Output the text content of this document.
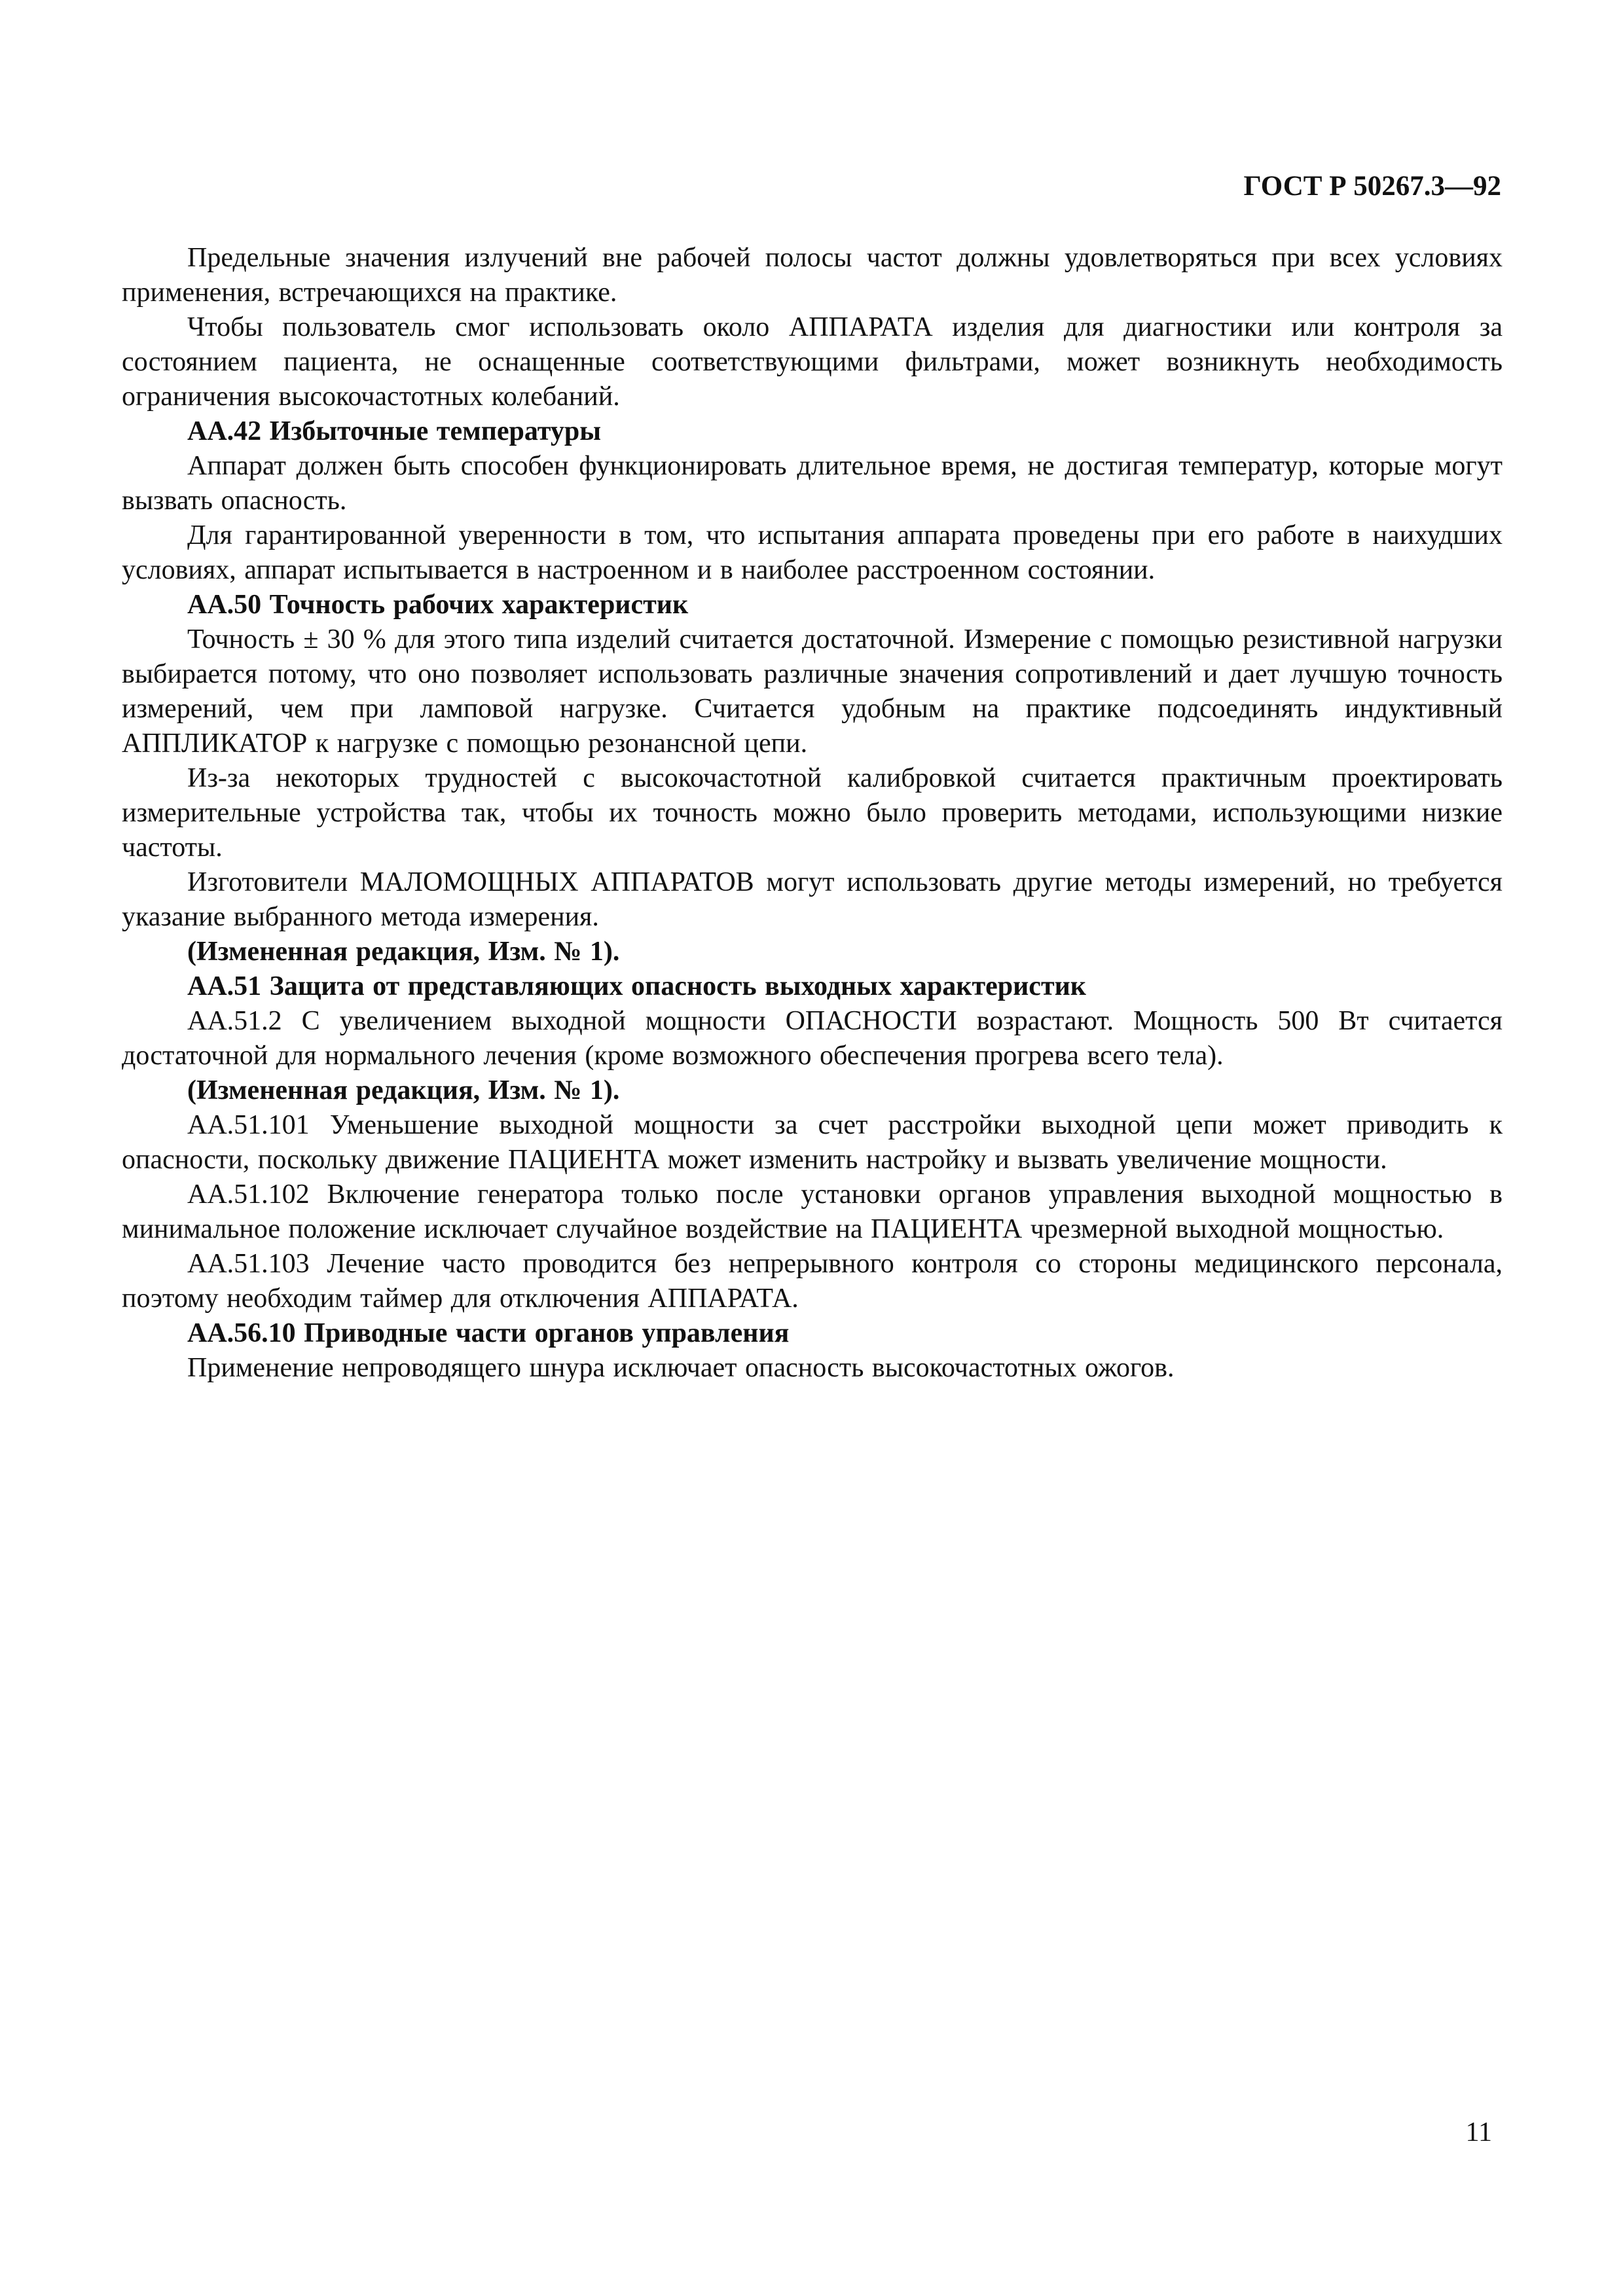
ГОСТ Р 50267.3—92

Предельные значения излучений вне рабочей полосы частот должны удовлетворяться при всех условиях применения, встречающихся на практике.

Чтобы пользователь смог использовать около АППАРАТА изделия для диагностики или контроля за состоянием пациента, не оснащенные соответствующими фильтрами, может возникнуть необходимость ограничения высокочастотных колебаний.

АА.42 Избыточные температуры

Аппарат должен быть способен функционировать длительное время, не достигая температур, которые могут вызвать опасность.

Для гарантированной уверенности в том, что испытания аппарата проведены при его работе в наихудших условиях, аппарат испытывается в настроенном и в наиболее расстроенном состоянии.

АА.50 Точность рабочих характеристик

Точность ± 30 % для этого типа изделий считается достаточной. Измерение с помощью резистивной нагрузки выбирается потому, что оно позволяет использовать различные значения сопротивлений и дает лучшую точность измерений, чем при ламповой нагрузке. Считается удобным на практике подсоединять индуктивный АППЛИКАТОР к нагрузке с помощью резонансной цепи.

Из-за некоторых трудностей с высокочастотной калибровкой считается практичным проектировать измерительные устройства так, чтобы их точность можно было проверить методами, использующими низкие частоты.

Изготовители МАЛОМОЩНЫХ АППАРАТОВ могут использовать другие методы измерений, но требуется указание выбранного метода измерения.

(Измененная редакция, Изм. № 1).

АА.51 Защита от представляющих опасность выходных характеристик

АА.51.2 С увеличением выходной мощности ОПАСНОСТИ возрастают. Мощность 500 Вт считается достаточной для нормального лечения (кроме возможного обеспечения прогрева всего тела).

(Измененная редакция, Изм. № 1).

АА.51.101 Уменьшение выходной мощности за счет расстройки выходной цепи может приводить к опасности, поскольку движение ПАЦИЕНТА может изменить настройку и вызвать увеличение мощности.

АА.51.102 Включение генератора только после установки органов управления выходной мощностью в минимальное положение исключает случайное воздействие на ПАЦИЕНТА чрезмерной выходной мощностью.

АА.51.103 Лечение часто проводится без непрерывного контроля со стороны медицинского персонала, поэтому необходим таймер для отключения АППАРАТА.

АА.56.10 Приводные части органов управления

Применение непроводящего шнура исключает опасность высокочастотных ожогов.

11
